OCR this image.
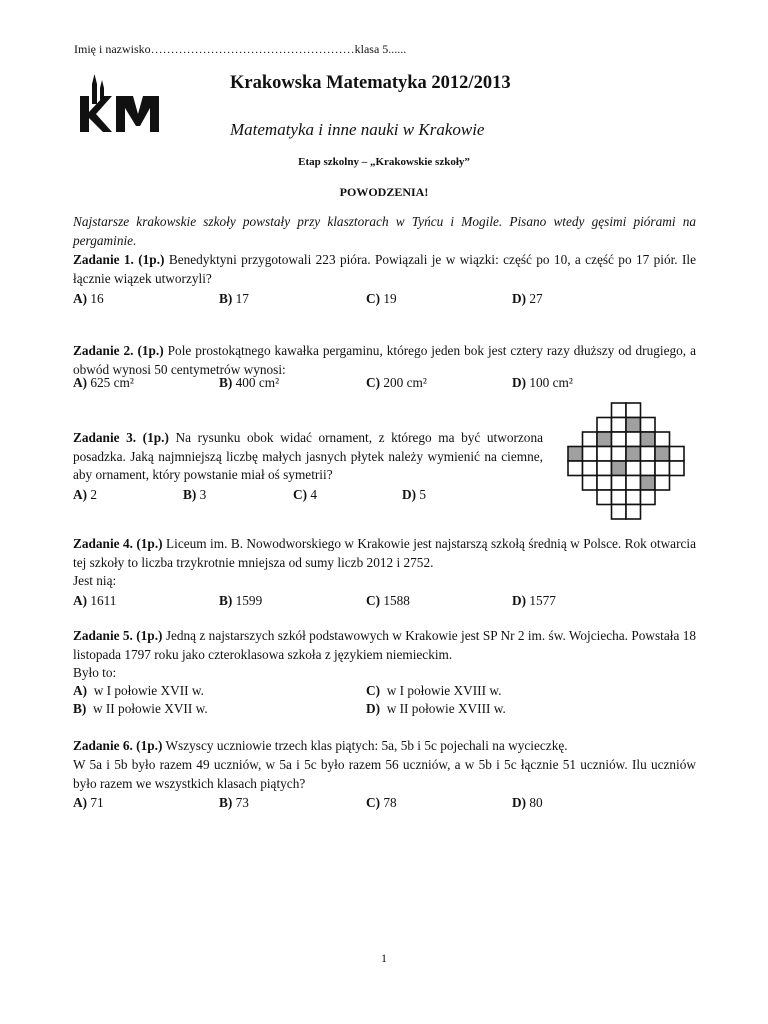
Imię i nazwisko……………………………………………klasa 5......
Krakowska Matematyka 2012/2013
Matematyka i inne nauki w Krakowie
Etap szkolny – „Krakowskie szkoły”
POWODZENIA!

Najstarsze krakowskie szkoły powstały przy klasztorach w Tyńcu i Mogile. Pisano wtedy gęsimi piórami na pergaminie.

Zadanie 1. (1p.) Benedyktyni przygotowali 223 pióra. Powiązali je w wiązki: część po 10, a część po 17 piór. Ile łącznie wiązek utworzyli?

A) 16	B) 17	C) 19	D) 27

Zadanie 2. (1p.) Pole prostokątnego kawałka pergaminu, którego jeden bok jest cztery razy dłuższy od drugiego, a obwód wynosi 50 centymetrów wynosi:

A) 625 cm²	B) 400 cm²	C) 200 cm²	D) 100 cm²

Zadanie 3. (1p.) Na rysunku obok widać ornament, z którego ma być utworzona posadzka. Jaką najmniejszą liczbę małych jasnych płytek należy wymienić na ciemne, aby ornament, który powstanie miał oś symetrii?

A) 2	B) 3	C) 4	D) 5

Zadanie 4. (1p.) Liceum im. B. Nowodworskiego w Krakowie jest najstarszą szkołą średnią w Polsce. Rok otwarcia tej szkoły to liczba trzykrotnie mniejsza od sumy liczb 2012 i 2752.

Jest nią:
A) 1611	B) 1599	C) 1588	D) 1577

Zadanie 5. (1p.) Jedną z najstarszych szkół podstawowych w Krakowie jest SP Nr 2 im. św. Wojciecha. Powstała 18 listopada 1797 roku jako czteroklasowa szkoła z językiem niemieckim.

Było to:
A) w I połowie XVII w.	C) w I połowie XVIII w.
B) w II połowie XVII w.	D) w II połowie XVIII w.

Zadanie 6. (1p.) Wszyscy uczniowie trzech klas piątych: 5a, 5b i 5c pojechali na wycieczkę.

W 5a i 5b było razem 49 uczniów, w 5a i 5c było razem 56 uczniów, a w 5b i 5c łącznie 51 uczniów. Ilu uczniów było razem we wszystkich klasach piątych?

A) 71	B) 73	C) 78	D) 80
1
